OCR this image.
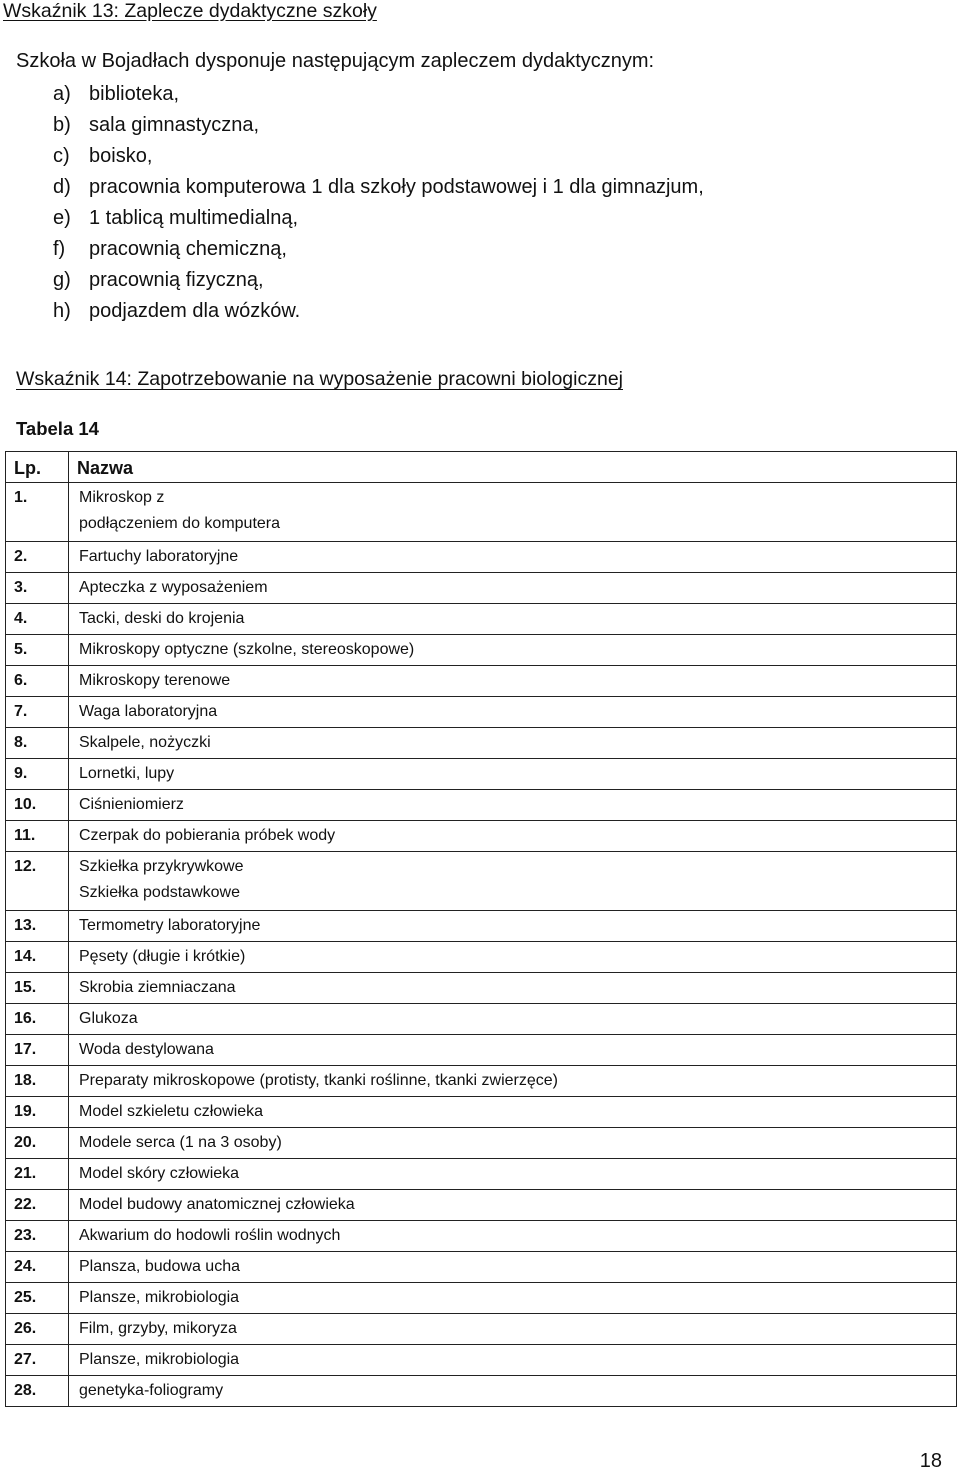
Wskaźnik 13: Zaplecze dydaktyczne szkoły
Szkoła w Bojadłach dysponuje następującym zapleczem dydaktycznym:
a) biblioteka,
b) sala gimnastyczna,
c) boisko,
d) pracownia komputerowa 1 dla szkoły podstawowej i 1 dla gimnazjum,
e) 1 tablicą multimedialną,
f)	pracownią chemiczną,
g) pracownią fizyczną,
h) podjazdem dla wózków.
Wskaźnik 14: Zapotrzebowanie na wyposażenie pracowni biologicznej
Tabela 14
Lp.	Nazwa
1.	Mikroskop z
podłączeniem do komputera

2.	Fartuchy laboratoryjne

3.	Apteczka z wyposażeniem

4.	Tacki, deski do krojenia

5.	Mikroskopy optyczne (szkolne, stereoskopowe)

6.	Mikroskopy terenowe

7.	Waga laboratoryjna

8.	Skalpele, nożyczki

9.	Lornetki, lupy

10.	Ciśnieniomierz

11.	Czerpak do pobierania próbek wody

12.	Szkiełka przykrywkowe
Szkiełka podstawkowe

13.	Termometry laboratoryjne

14.	Pęsety (długie i krótkie)

15.	Skrobia ziemniaczana

16.	Glukoza

17.	Woda destylowana

18.	Preparaty mikroskopowe (protisty, tkanki roślinne, tkanki zwierzęce)

19.	Model szkieletu człowieka

20.	Modele serca (1 na 3 osoby)

21.	Model skóry człowieka

22.	Model budowy anatomicznej człowieka

23.	Akwarium do hodowli roślin wodnych

24.	Plansza, budowa ucha

25.	Plansze, mikrobiologia

26.	Film, grzyby, mikoryza

27.	Plansze, mikrobiologia

28.	genetyka-foliogramy
18
